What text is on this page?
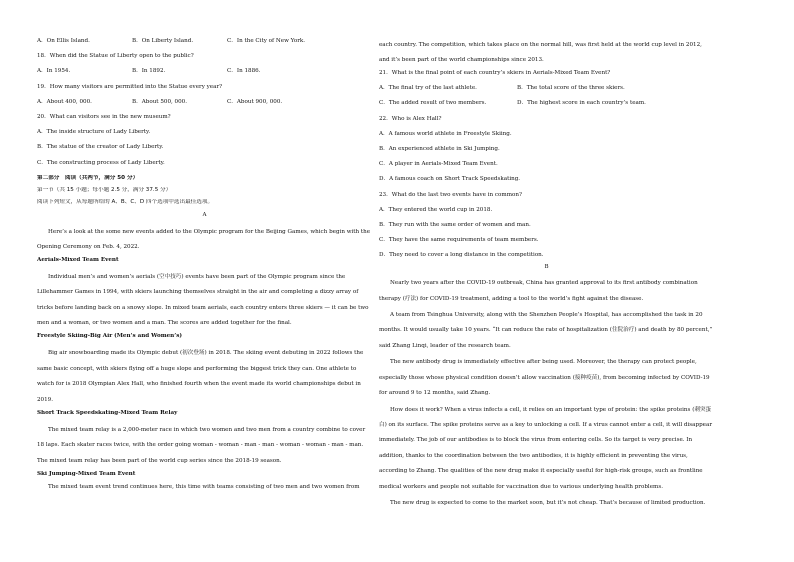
A．On Ellis Island.	B．On Liberty Island.	C．In the City of New York.

18．When did the Statue of Liberty open to the public?

A．In 1954.	B．In 1892.	C．In 1886.

19．How many visitors are permitted into the Statue every year?

A．About 400, 000.	B．About 500, 000.	C．About 900, 000.

20．What can visitors see in the new museum?

A．The inside structure of Lady Liberty.

B．The statue of the creator of Lady Liberty.

C．The constructing process of Lady Liberty.

第二部分　阅读（共两节，满分 50 分）

第一节（共 15 小题；每小题 2.5 分，满分 37.5 分）

阅读下列短文，从每题所给的 A、B、C、D 四个选项中选出最佳选项。

A

Here’s a look at the some new events added to the Olympic program for the Beijing Games, which begin with the Opening Ceremony on Feb. 4, 2022.

Aerials-Mixed Team Event

Individual men’s and women’s aerials (空中技巧) events have been part of the Olympic program since the Lillehammer Games in 1994, with skiers launching themselves straight in the air and completing a dizzy array of tricks before landing back on a snowy slope. In mixed team aerials, each country enters three skiers — it can be two men and a woman, or two women and a man. The scores are added together for the final.

Freestyle Skiing-Big Air (Men’s and Women’s)

Big air snowboarding made its Olympic debut (初次登场) in 2018. The skiing event debuting in 2022 follows the same basic concept, with skiers flying off a huge slope and performing the biggest trick they can. One athlete to watch for is 2018 Olympian Alex Hall, who finished fourth when the event made its world championships debut in 2019.

Short Track Speedskating-Mixed Team Relay

The mixed team relay is a 2,000-meter race in which two women and two men from a country combine to cover 18 laps. Each skater races twice, with the order going woman - woman - man - man - woman - woman - man - man. The mixed team relay has been part of the world cup series since the 2018-19 season.

Ski Jumping-Mixed Team Event

The mixed team event trend continues here, this time with teams consisting of two men and two women from

each country. The competition, which takes place on the normal hill, was first held at the world cup level in 2012, and it’s been part of the world championships since 2013.

21．What is the final point of each country’s skiers in Aerials-Mixed Team Event?

A．The final try of the last athlete.	B．The total score of the three skiers.
C．The added result of two members.	D．The highest score in each country’s team.

22．Who is Alex Hall?

A．A famous world athlete in Freestyle Skiing.

B．An experienced athlete in Ski Jumping.

C．A player in Aerials-Mixed Team Event.

D．A famous coach on Short Track Speedskating.

23．What do the last two events have in common?

A．They entered the world cup in 2018.

B．They run with the same order of women and man.

C．They have the same requirements of team members.

D．They need to cover a long distance in the competition.

B

Nearly two years after the COVID-19 outbreak, China has granted approval to its first antibody combination therapy (疗法) for COVID-19 treatment, adding a tool to the world’s fight against the disease.

A team from Tsinghua University, along with the Shenzhen People’s Hospital, has accomplished the task in 20 months. It would usually take 10 years. “It can reduce the rate of hospitalization (住院治疗) and death by 80 percent,” said Zhang Linqi, leader of the research team.

The new antibody drug is immediately effective after being used. Moreover, the therapy can protect people, especially those whose physical condition doesn’t allow vaccination (接种疫苗), from becoming infected by COVID-19 for around 9 to 12 months, said Zhang.

How does it work? When a virus infects a cell, it relies on an important type of protein: the spike proteins (刺突蛋白) on its surface. The spike proteins serve as a key to unlocking a cell. If a virus cannot enter a cell, it will disappear immediately. The job of our antibodies is to block the virus from entering cells. So its target is very precise. In addition, thanks to the coordination between the two antibodies, it is highly efficient in preventing the virus, according to Zhang. The qualities of the new drug make it especially useful for high-risk groups, such as frontline medical workers and people not suitable for vaccination due to various underlying health problems.

The new drug is expected to come to the market soon, but it’s not cheap. That’s because of limited production.
